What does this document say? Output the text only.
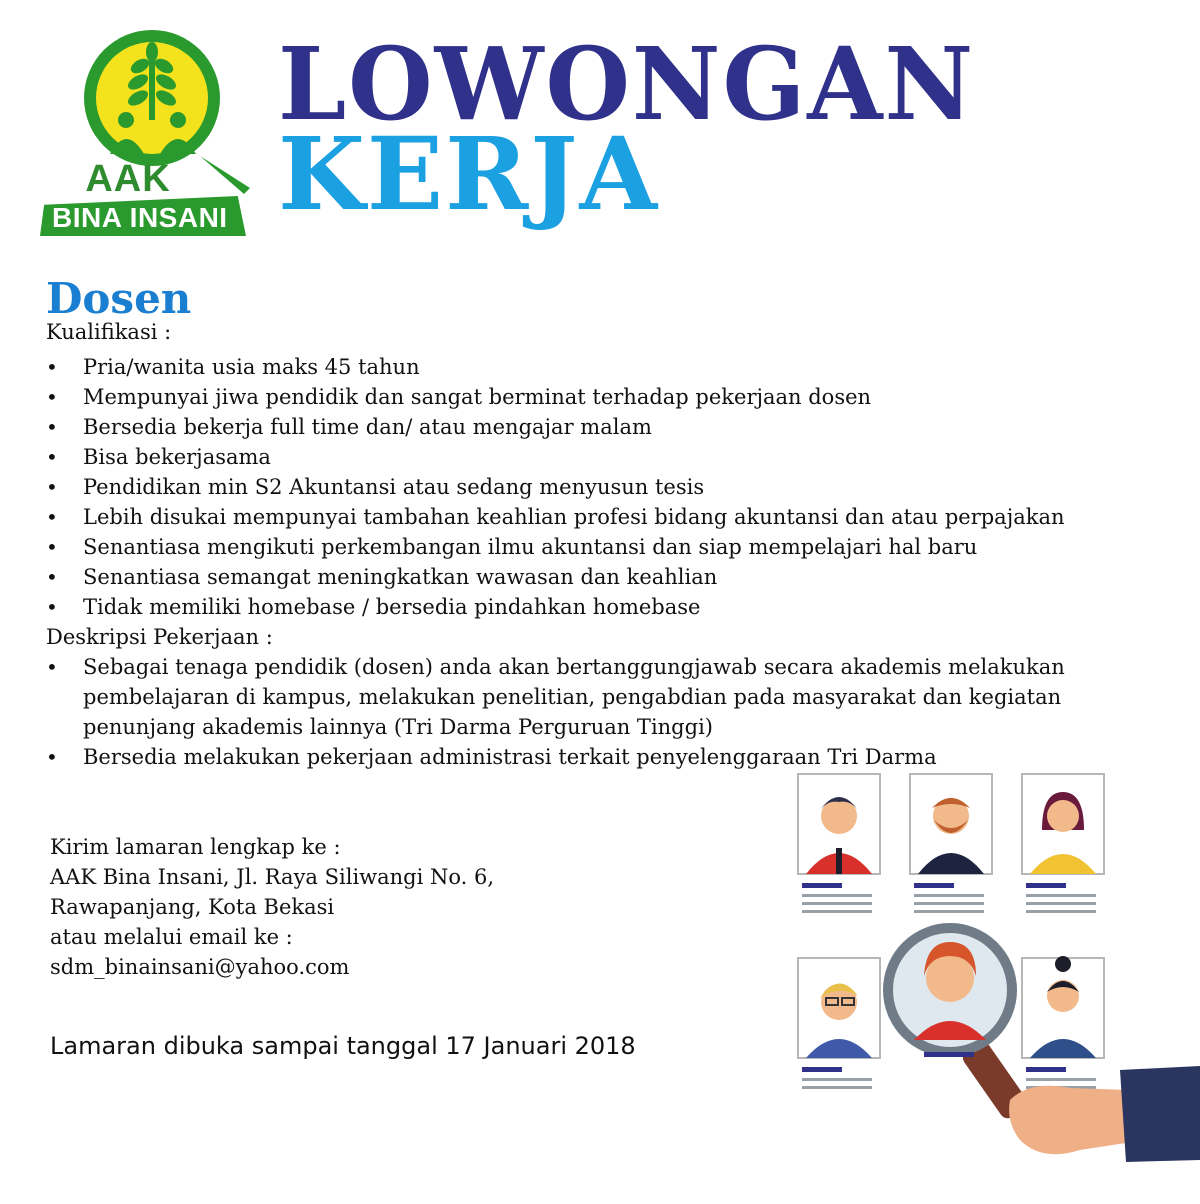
AAK
BINA INSANI
LOWONGAN
KERJA
Dosen
Kualifikasi :
• Pria/wanita usia maks 45 tahun
• Mempunyai jiwa pendidik dan sangat berminat terhadap pekerjaan dosen
• Bersedia bekerja full time dan/ atau mengajar malam
• Bisa bekerjasama
• Pendidikan min S2 Akuntansi atau sedang menyusun tesis
• Lebih disukai mempunyai tambahan keahlian profesi bidang akuntansi dan atau perpajakan
• Senantiasa mengikuti perkembangan ilmu akuntansi dan siap mempelajari hal baru
• Senantiasa semangat meningkatkan wawasan dan keahlian
• Tidak memiliki homebase / bersedia pindahkan homebase
Deskripsi Pekerjaan :
• Sebagai tenaga pendidik (dosen) anda akan bertanggungjawab secara akademis melakukan pembelajaran di kampus, melakukan penelitian, pengabdian pada masyarakat dan kegiatan penunjang akademis lainnya (Tri Darma Perguruan Tinggi)
• Bersedia melakukan pekerjaan administrasi terkait penyelenggaraan Tri Darma
Kirim lamaran lengkap ke :
AAK Bina Insani, Jl. Raya Siliwangi No. 6,
Rawapanjang, Kota Bekasi
atau melalui email ke :
sdm_binainsani@yahoo.com
Lamaran dibuka sampai tanggal 17 Januari 2018
